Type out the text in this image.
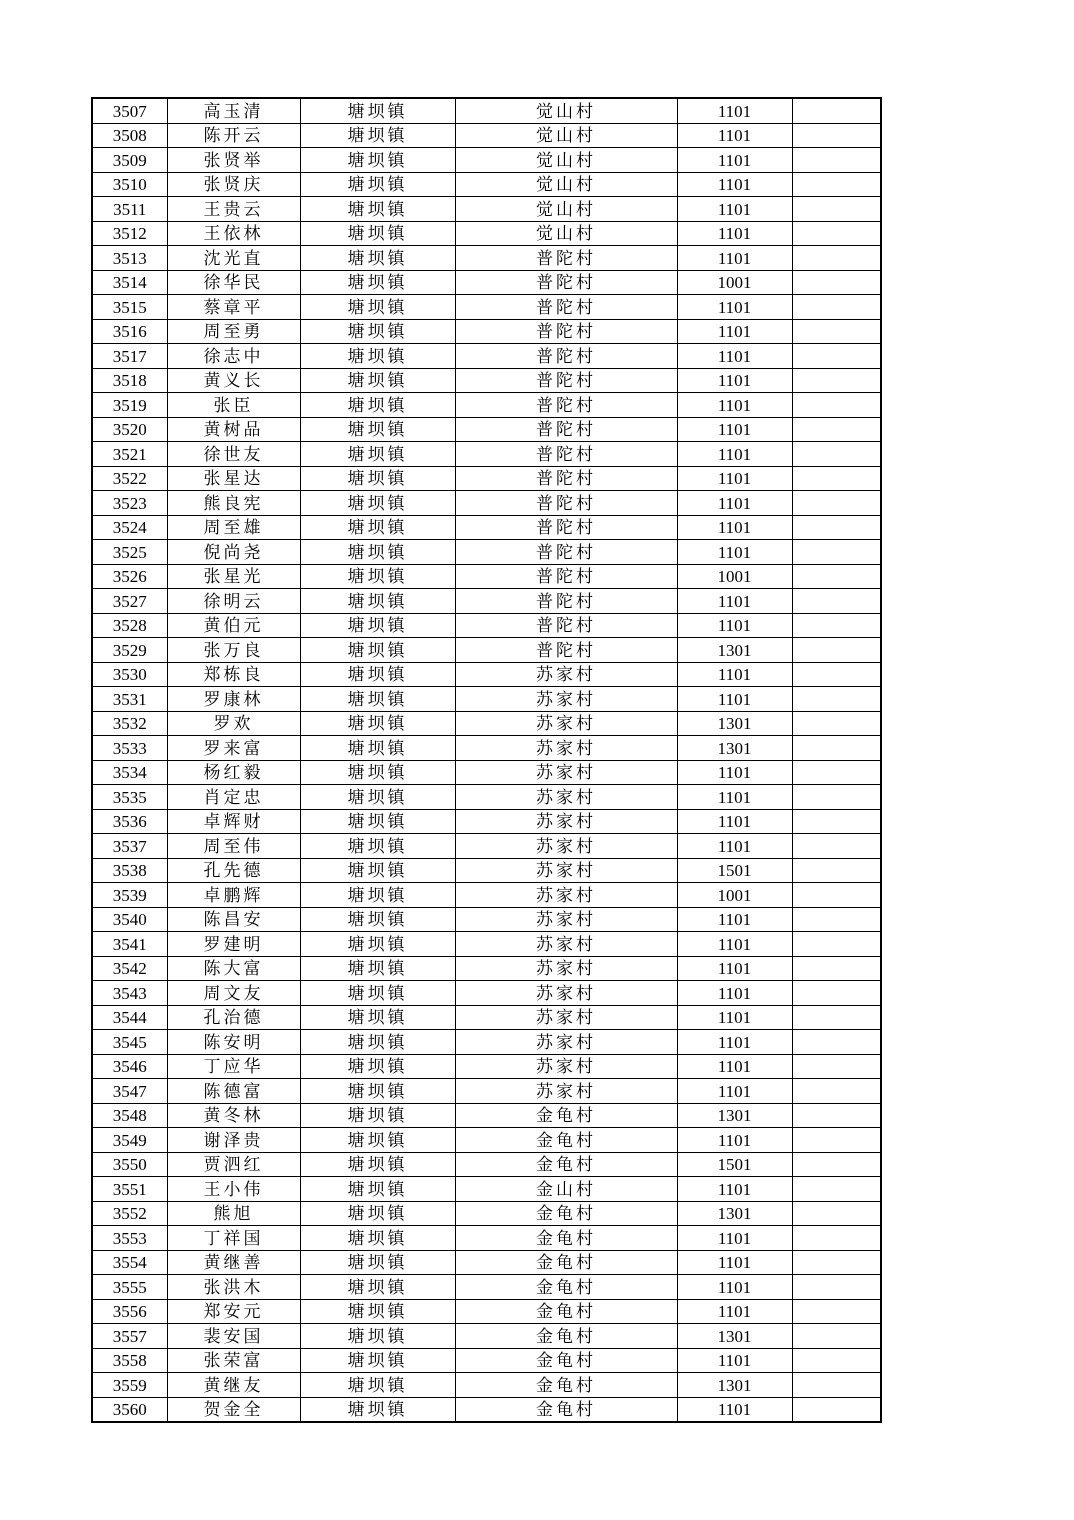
3507	高玉清	塘坝镇	觉山村	1101	
3508	陈开云	塘坝镇	觉山村	1101	
3509	张贤举	塘坝镇	觉山村	1101	
3510	张贤庆	塘坝镇	觉山村	1101	
3511	王贵云	塘坝镇	觉山村	1101	
3512	王依林	塘坝镇	觉山村	1101	
3513	沈光直	塘坝镇	普陀村	1101	
3514	徐华民	塘坝镇	普陀村	1001	
3515	蔡章平	塘坝镇	普陀村	1101	
3516	周至勇	塘坝镇	普陀村	1101	
3517	徐志中	塘坝镇	普陀村	1101	
3518	黄义长	塘坝镇	普陀村	1101	
3519	张臣	塘坝镇	普陀村	1101	
3520	黄树品	塘坝镇	普陀村	1101	
3521	徐世友	塘坝镇	普陀村	1101	
3522	张星达	塘坝镇	普陀村	1101	
3523	熊良宪	塘坝镇	普陀村	1101	
3524	周至雄	塘坝镇	普陀村	1101	
3525	倪尚尧	塘坝镇	普陀村	1101	
3526	张星光	塘坝镇	普陀村	1001	
3527	徐明云	塘坝镇	普陀村	1101	
3528	黄伯元	塘坝镇	普陀村	1101	
3529	张万良	塘坝镇	普陀村	1301	
3530	郑栋良	塘坝镇	苏家村	1101	
3531	罗康林	塘坝镇	苏家村	1101	
3532	罗欢	塘坝镇	苏家村	1301	
3533	罗来富	塘坝镇	苏家村	1301	
3534	杨红毅	塘坝镇	苏家村	1101	
3535	肖定忠	塘坝镇	苏家村	1101	
3536	卓辉财	塘坝镇	苏家村	1101	
3537	周至伟	塘坝镇	苏家村	1101	
3538	孔先德	塘坝镇	苏家村	1501	
3539	卓鹏辉	塘坝镇	苏家村	1001	
3540	陈昌安	塘坝镇	苏家村	1101	
3541	罗建明	塘坝镇	苏家村	1101	
3542	陈大富	塘坝镇	苏家村	1101	
3543	周文友	塘坝镇	苏家村	1101	
3544	孔治德	塘坝镇	苏家村	1101	
3545	陈安明	塘坝镇	苏家村	1101	
3546	丁应华	塘坝镇	苏家村	1101	
3547	陈德富	塘坝镇	苏家村	1101	
3548	黄冬林	塘坝镇	金龟村	1301	
3549	谢泽贵	塘坝镇	金龟村	1101	
3550	贾泗红	塘坝镇	金龟村	1501	
3551	王小伟	塘坝镇	金山村	1101	
3552	熊旭	塘坝镇	金龟村	1301	
3553	丁祥国	塘坝镇	金龟村	1101	
3554	黄继善	塘坝镇	金龟村	1101	
3555	张洪木	塘坝镇	金龟村	1101	
3556	郑安元	塘坝镇	金龟村	1101	
3557	裴安国	塘坝镇	金龟村	1301	
3558	张荣富	塘坝镇	金龟村	1101	
3559	黄继友	塘坝镇	金龟村	1301	
3560	贺金全	塘坝镇	金龟村	1101	
